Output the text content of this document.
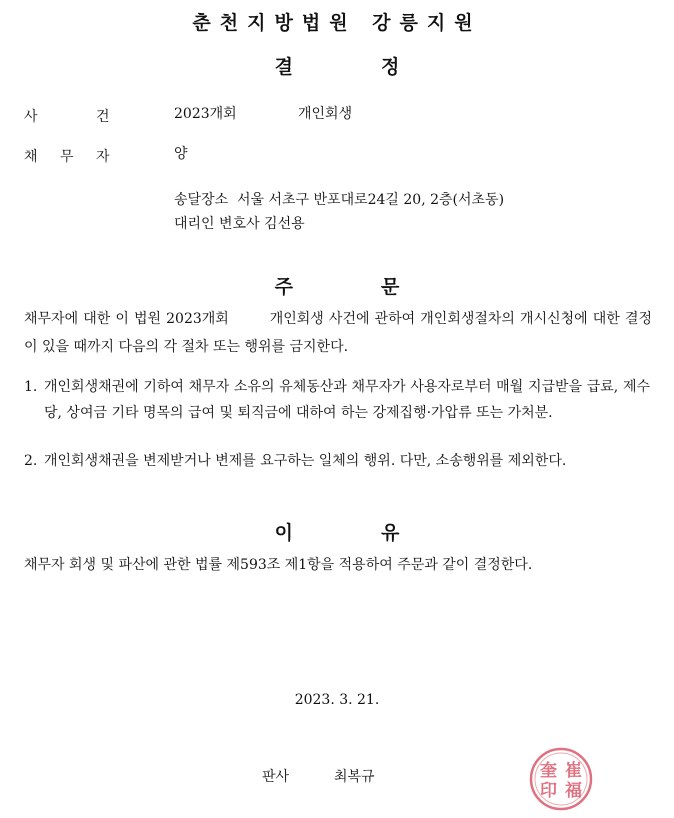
춘천지방법원 강릉지원
결	정
사	건	2023개회	개인회생
채 무 자	양
송달장소  서울 서초구 반포대로24길 20, 2층(서초동)
대리인 변호사 김선용
주	문
채무자에 대한 이 법원 2023개회        개인회생 사건에 관하여 개인회생절차의 개시신청에 대한 결정이 있을 때까지 다음의 각 절차 또는 행위를 금지한다.
1. 개인회생채권에 기하여 채무자 소유의 유체동산과 채무자가 사용자로부터 매월 지급받을 급료, 제수당, 상여금 기타 명목의 급여 및 퇴직금에 대하여 하는 강제집행·가압류 또는 가처분.
2. 개인회생채권을 변제받거나 변제를 요구하는 일체의 행위. 다만, 소송행위를 제외한다.
이	유
채무자 회생 및 파산에 관한 법률 제593조 제1항을 적용하여 주문과 같이 결정한다.
2023. 3. 21.
판사	최복규	崔
福
奎
印
